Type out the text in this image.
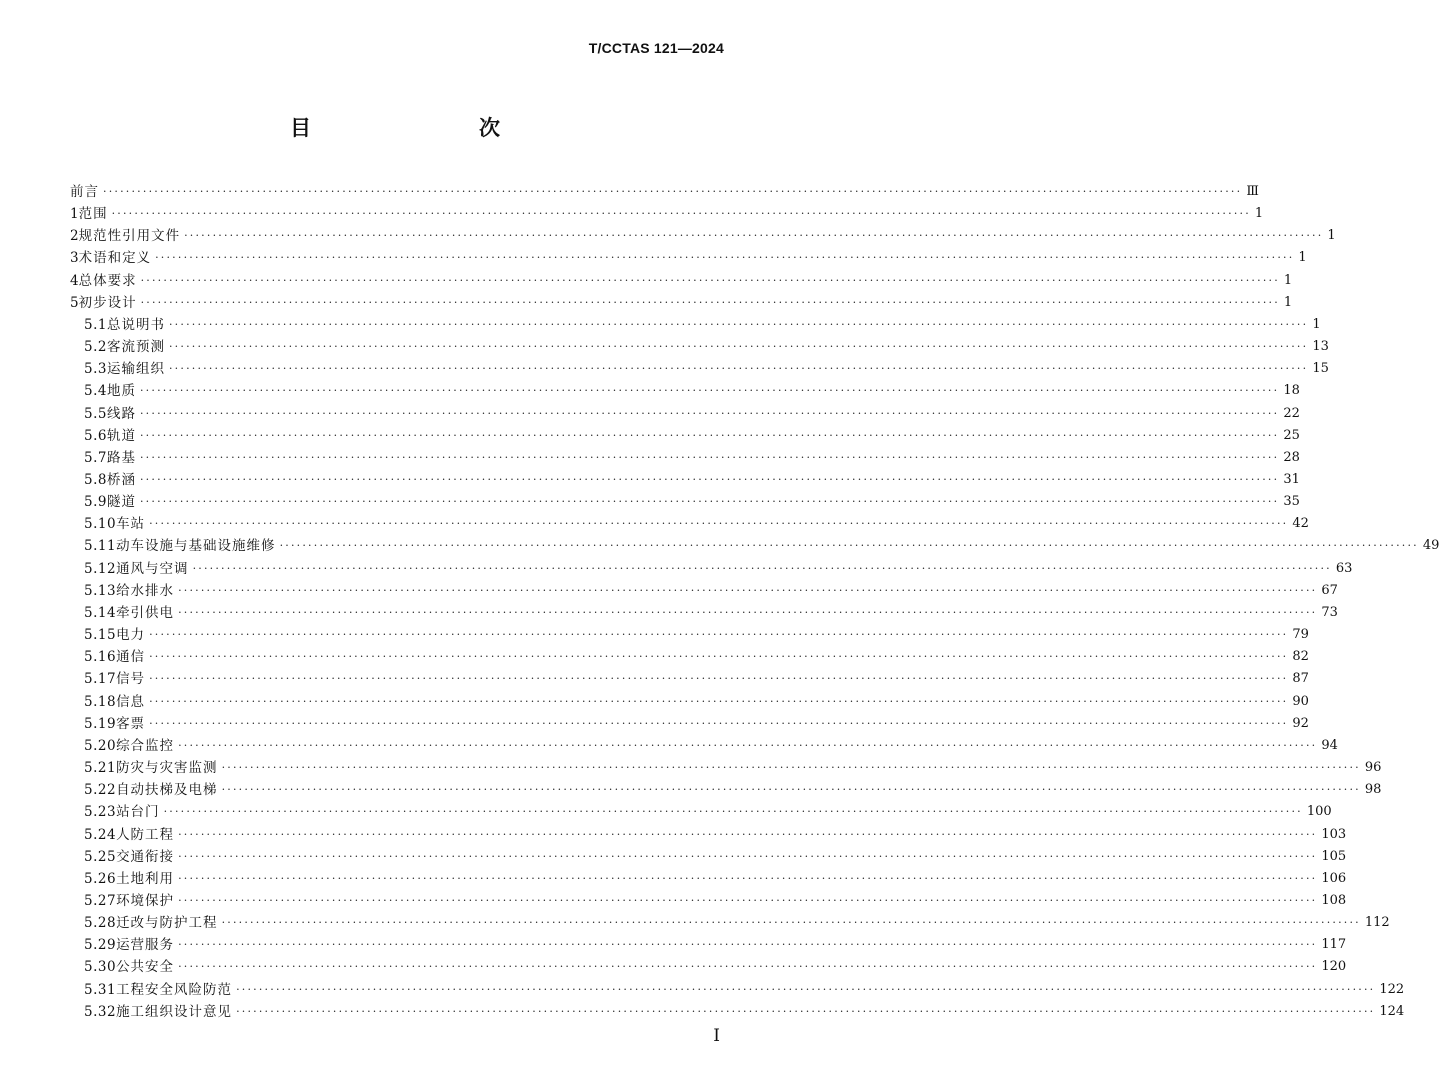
T/CCTAS 121—2024
目　　次
前言 ········································································································································································································ Ⅲ
1 范围 ········································································································································································································ 1
2 规范性引用文件 ········································································································································································································ 1
3 术语和定义 ········································································································································································································ 1
4 总体要求 ········································································································································································································ 1
5 初步设计 ········································································································································································································ 1
5.1 总说明书 ········································································································································································································ 1
5.2 客流预测 ········································································································································································································ 13
5.3 运输组织 ········································································································································································································ 15
5.4 地质 ········································································································································································································ 18
5.5 线路 ········································································································································································································ 22
5.6 轨道 ········································································································································································································ 25
5.7 路基 ········································································································································································································ 28
5.8 桥涵 ········································································································································································································ 31
5.9 隧道 ········································································································································································································ 35
5.10 车站 ········································································································································································································ 42
5.11 动车设施与基础设施维修 ········································································································································································································ 49
5.12 通风与空调 ········································································································································································································ 63
5.13 给水排水 ········································································································································································································ 67
5.14 牵引供电 ········································································································································································································ 73
5.15 电力 ········································································································································································································ 79
5.16 通信 ········································································································································································································ 82
5.17 信号 ········································································································································································································ 87
5.18 信息 ········································································································································································································ 90
5.19 客票 ········································································································································································································ 92
5.20 综合监控 ········································································································································································································ 94
5.21 防灾与灾害监测 ········································································································································································································ 96
5.22 自动扶梯及电梯 ········································································································································································································ 98
5.23 站台门 ········································································································································································································ 100
5.24 人防工程 ········································································································································································································ 103
5.25 交通衔接 ········································································································································································································ 105
5.26 土地利用 ········································································································································································································ 106
5.27 环境保护 ········································································································································································································ 108
5.28 迁改与防护工程 ········································································································································································································ 112
5.29 运营服务 ········································································································································································································ 117
5.30 公共安全 ········································································································································································································ 120
5.31 工程安全风险防范 ········································································································································································································ 122
5.32 施工组织设计意见 ········································································································································································································ 124
I
